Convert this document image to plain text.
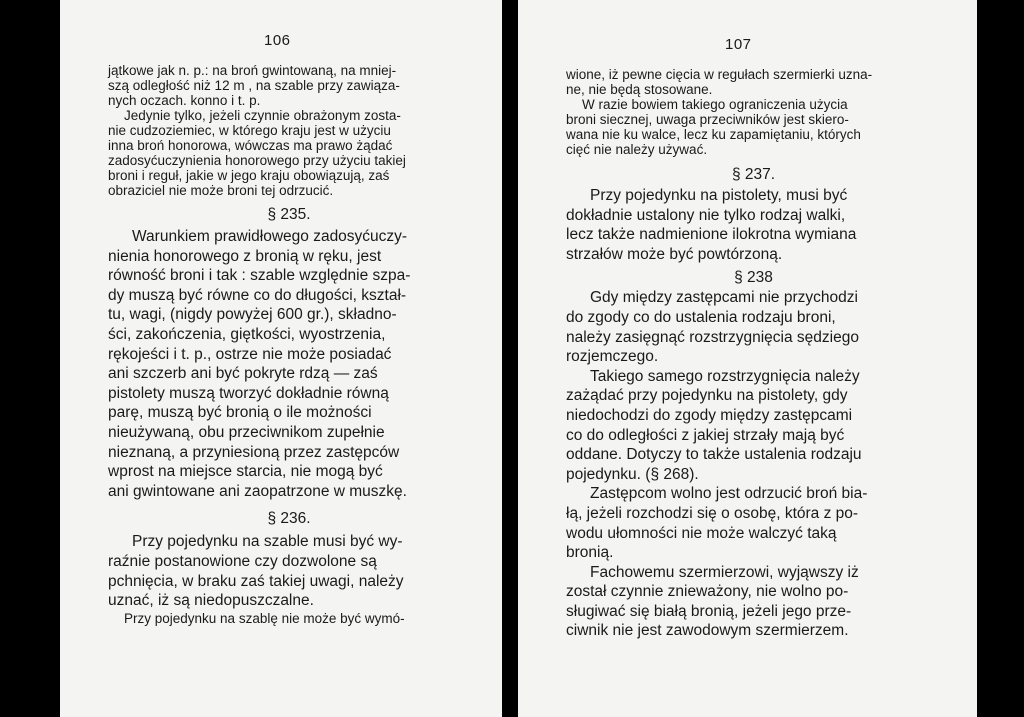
106

jątkowe jak n. p.: na broń gwintowaną, na mniej-
szą odległość niż 12 m , na szable przy zawiąza-
nych oczach. konno i t. p.

Jedynie tylko, jeżeli czynnie obrażonym zosta-
nie cudzoziemiec, w którego kraju jest w użyciu
inna broń honorowa, wówczas ma prawo żądać
zadosyćuczynienia honorowego przy użyciu takiej
broni i reguł, jakie w jego kraju obowiązują, zaś
obraziciel nie może broni tej odrzucić.

§ 235.

Warunkiem prawidłowego zadosyćuczy-
nienia honorowego z bronią w ręku, jest
równość broni i tak : szable względnie szpa-
dy muszą być równe co do długości, kształ-
tu, wagi, (nigdy powyżej 600 gr.), składno-
ści, zakończenia, giętkości, wyostrzenia,
rękojeści i t. p., ostrze nie może posiadać
ani szczerb ani być pokryte rdzą — zaś
pistolety muszą tworzyć dokładnie równą
parę, muszą być bronią o ile możności
nieużywaną, obu przeciwnikom zupełnie
nieznaną, a przyniesioną przez zastępców
wprost na miejsce starcia, nie mogą być
ani gwintowane ani zaopatrzone w muszkę.

§ 236.

Przy pojedynku na szable musi być wy-
raźnie postanowione czy dozwolone są
pchnięcia, w braku zaś takiej uwagi, należy
uznać, iż są niedopuszczalne.

Przy pojedynku na szablę nie może być wymó-

107

wione, iż pewne cięcia w regułach szermierki uzna-
ne, nie będą stosowane.

W razie bowiem takiego ograniczenia użycia
broni siecznej, uwaga przeciwników jest skiero-
wana nie ku walce, lecz ku zapamiętaniu, których
cięć nie należy używać.

§ 237.

Przy pojedynku na pistolety, musi być
dokładnie ustalony nie tylko rodzaj walki,
lecz także nadmienione ilokrotna wymiana
strzałów może być powtórzoną.

§ 238

Gdy między zastępcami nie przychodzi
do zgody co do ustalenia rodzaju broni,
należy zasięgnąć rozstrzygnięcia sędziego
rozjemczego.

Takiego samego rozstrzygnięcia należy
zażądać przy pojedynku na pistolety, gdy
niedochodzi do zgody między zastępcami
co do odległości z jakiej strzały mają być
oddane. Dotyczy to także ustalenia rodzaju
pojedynku. (§ 268).

Zastępcom wolno jest odrzucić broń bia-
łą, jeżeli rozchodzi się o osobę, która z po-
wodu ułomności nie może walczyć taką
bronią.

Fachowemu szermierzowi, wyjąwszy iż
został czynnie znieważony, nie wolno po-
sługiwać się białą bronią, jeżeli jego prze-
ciwnik nie jest zawodowym szermierzem.
